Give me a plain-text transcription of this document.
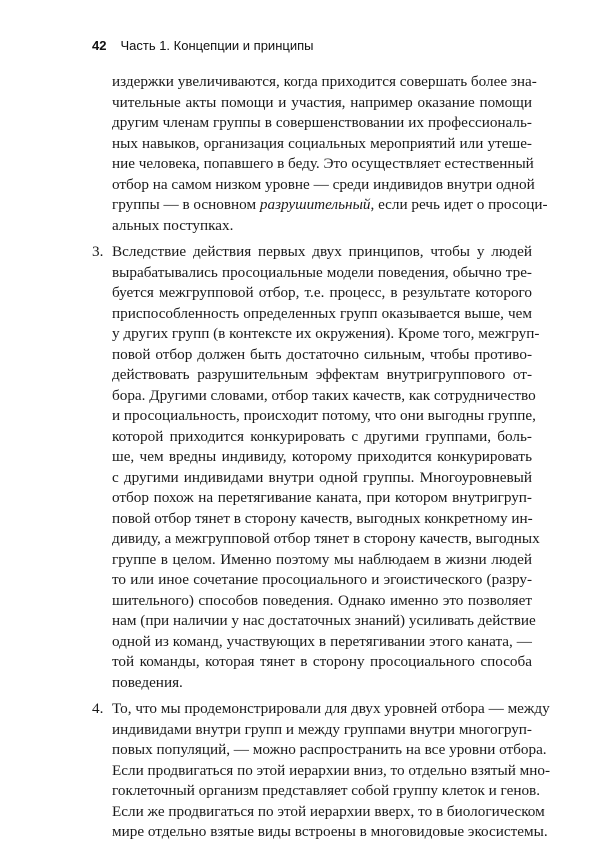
42 Часть 1. Концепции и принципы
издержки увеличиваются, когда приходится совершать более зна-
чительные акты помощи и участия, например оказание помощи
другим членам группы в совершенствовании их профессиональ-
ных навыков, организация социальных мероприятий или утеше-
ние человека, попавшего в беду. Это осуществляет естественный
отбор на самом низком уровне — среди индивидов внутри одной
группы — в основном разрушительный, если речь идет о просоци-
альных поступках.
3. Вследствие действия первых двух принципов, чтобы у людей
вырабатывались просоциальные модели поведения, обычно тре-
буется межгрупповой отбор, т.е. процесс, в результате которого
приспособленность определенных групп оказывается выше, чем
у других групп (в контексте их окружения). Кроме того, межгруп-
повой отбор должен быть достаточно сильным, чтобы противо-
действовать разрушительным эффектам внутригруппового от-
бора. Другими словами, отбор таких качеств, как сотрудничество
и просоциальность, происходит потому, что они выгодны группе,
которой приходится конкурировать с другими группами, боль-
ше, чем вредны индивиду, которому приходится конкурировать
с другими индивидами внутри одной группы. Многоуровневый
отбор похож на перетягивание каната, при котором внутригруп-
повой отбор тянет в сторону качеств, выгодных конкретному ин-
дивиду, а межгрупповой отбор тянет в сторону качеств, выгодных
группе в целом. Именно поэтому мы наблюдаем в жизни людей
то или иное сочетание просоциального и эгоистического (разру-
шительного) способов поведения. Однако именно это позволяет
нам (при наличии у нас достаточных знаний) усиливать действие
одной из команд, участвующих в перетягивании этого каната, —
той команды, которая тянет в сторону просоциального способа
поведения.
4. То, что мы продемонстрировали для двух уровней отбора — между
индивидами внутри групп и между группами внутри многогруп-
повых популяций, — можно распространить на все уровни отбора.
Если продвигаться по этой иерархии вниз, то отдельно взятый мно-
гоклеточный организм представляет собой группу клеток и генов.
Если же продвигаться по этой иерархии вверх, то в биологическом
мире отдельно взятые виды встроены в многовидовые экосистемы.
